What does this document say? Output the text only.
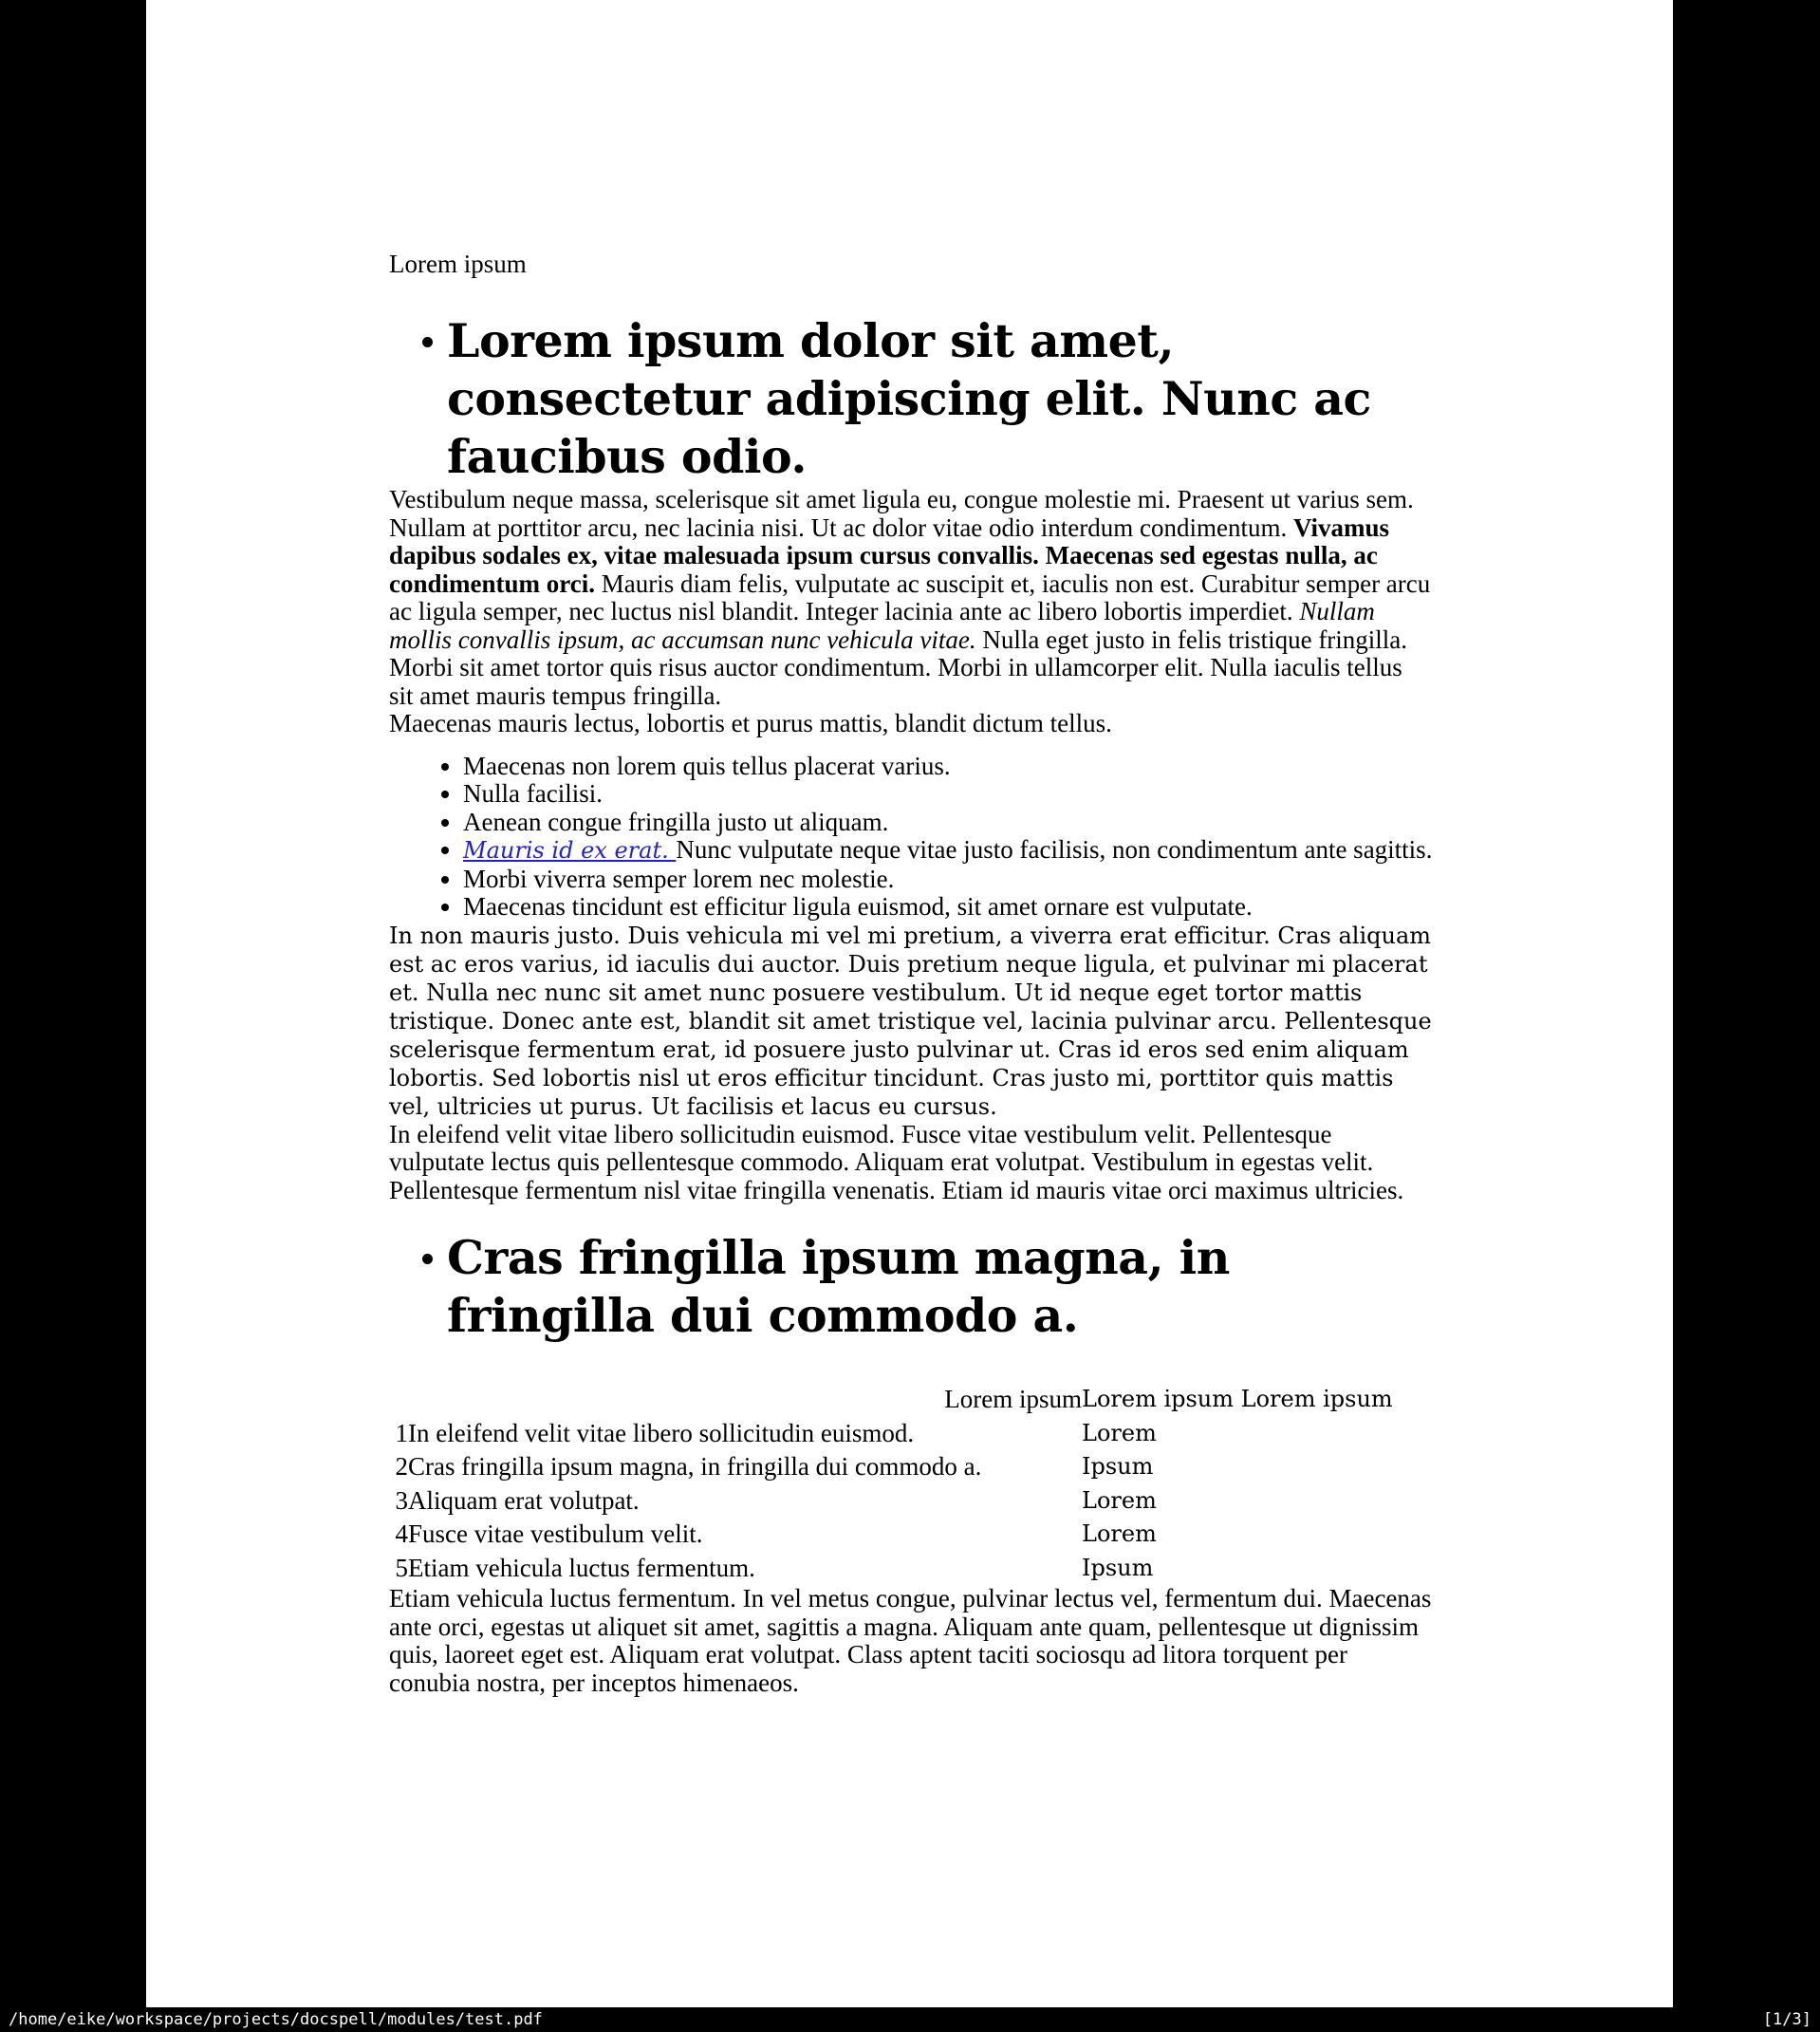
Lorem ipsum
Lorem ipsum dolor sit amet, consectetur adipiscing elit. Nunc ac faucibus odio.

Vestibulum neque massa, scelerisque sit amet ligula eu, congue molestie mi. Praesent ut varius sem. Nullam at porttitor arcu, nec lacinia nisi. Ut ac dolor vitae odio interdum condimentum. Vivamus dapibus sodales ex, vitae malesuada ipsum cursus convallis. Maecenas sed egestas nulla, ac condimentum orci. Mauris diam felis, vulputate ac suscipit et, iaculis non est. Curabitur semper arcu ac ligula semper, nec luctus nisl blandit. Integer lacinia ante ac libero lobortis imperdiet. Nullam mollis convallis ipsum, ac accumsan nunc vehicula vitae. Nulla eget justo in felis tristique fringilla. Morbi sit amet tortor quis risus auctor condimentum. Morbi in ullamcorper elit. Nulla iaculis tellus sit amet mauris tempus fringilla.

Maecenas mauris lectus, lobortis et purus mattis, blandit dictum tellus.

• Maecenas non lorem quis tellus placerat varius.
• Nulla facilisi.
• Aenean congue fringilla justo ut aliquam.
• Mauris id ex erat. Nunc vulputate neque vitae justo facilisis, non condimentum ante sagittis.
• Morbi viverra semper lorem nec molestie.
• Maecenas tincidunt est efficitur ligula euismod, sit amet ornare est vulputate.

In non mauris justo. Duis vehicula mi vel mi pretium, a viverra erat efficitur. Cras aliquam est ac eros varius, id iaculis dui auctor. Duis pretium neque ligula, et pulvinar mi placerat et. Nulla nec nunc sit amet nunc posuere vestibulum. Ut id neque eget tortor mattis tristique. Donec ante est, blandit sit amet tristique vel, lacinia pulvinar arcu. Pellentesque scelerisque fermentum erat, id posuere justo pulvinar ut. Cras id eros sed enim aliquam lobortis. Sed lobortis nisl ut eros efficitur tincidunt. Cras justo mi, porttitor quis mattis vel, ultricies ut purus. Ut facilisis et lacus eu cursus.

In eleifend velit vitae libero sollicitudin euismod. Fusce vitae vestibulum velit. Pellentesque vulputate lectus quis pellentesque commodo. Aliquam erat volutpat. Vestibulum in egestas velit. Pellentesque fermentum nisl vitae fringilla venenatis. Etiam id mauris vitae orci maximus ultricies.

Cras fringilla ipsum magna, in fringilla dui commodo a.
Lorem ipsum		Lorem ipsum Lorem ipsum
1	In eleifend velit vitae libero sollicitudin euismod.	Lorem
2	Cras fringilla ipsum magna, in fringilla dui commodo a.	Ipsum
3	Aliquam erat volutpat.	Lorem
4	Fusce vitae vestibulum velit.	Lorem
5	Etiam vehicula luctus fermentum.	Ipsum

Etiam vehicula luctus fermentum. In vel metus congue, pulvinar lectus vel, fermentum dui. Maecenas ante orci, egestas ut aliquet sit amet, sagittis a magna. Aliquam ante quam, pellentesque ut dignissim quis, laoreet eget est. Aliquam erat volutpat. Class aptent taciti sociosqu ad litora torquent per conubia nostra, per inceptos himenaeos.

/home/eike/workspace/projects/docspell/modules/test.pdf	[1/3]
